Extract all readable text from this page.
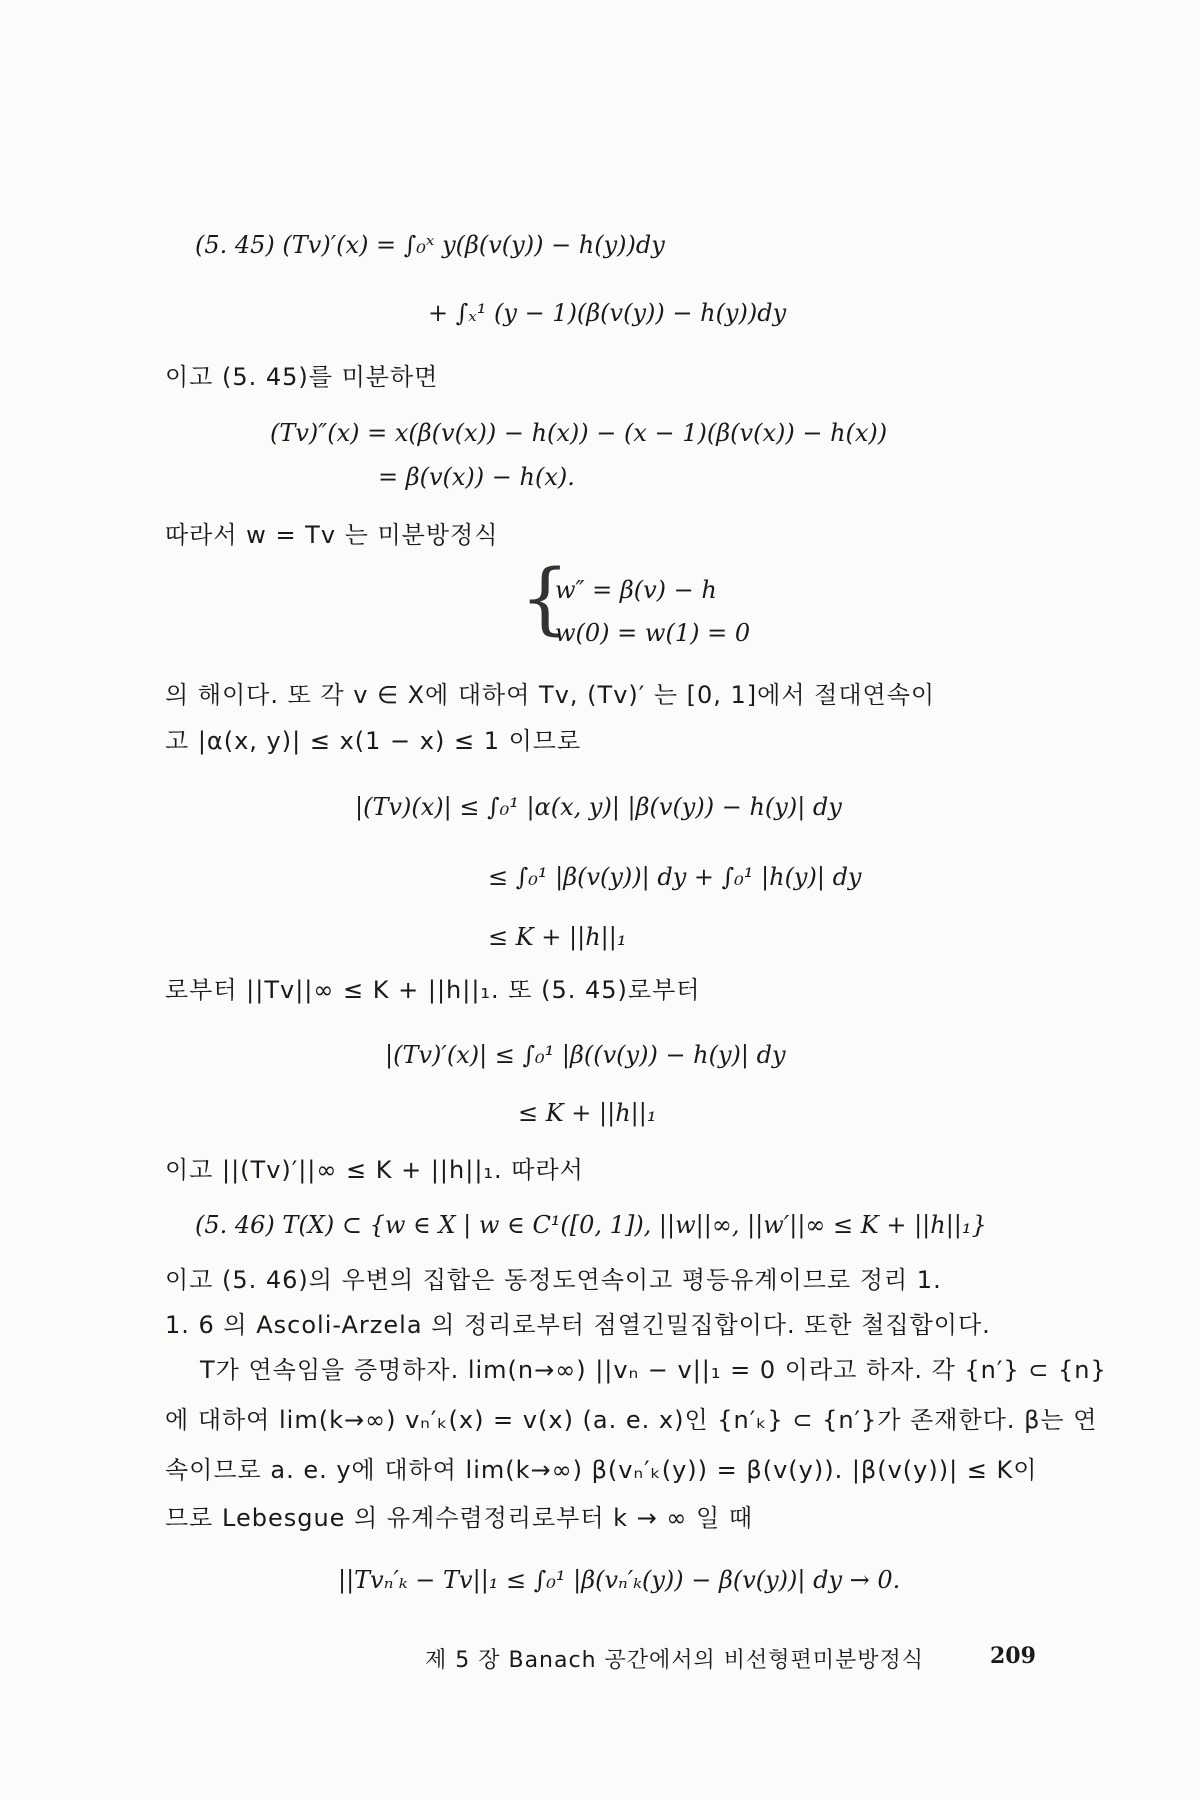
(5. 45) (Tv)′(x) = ∫₀ˣ y(β(v(y)) − h(y))dy
+ ∫ₓ¹ (y − 1)(β(v(y)) − h(y))dy
이고 (5. 45)를 미분하면
(Tv)″(x) = x(β(v(x)) − h(x)) − (x − 1)(β(v(x)) − h(x))
= β(v(x)) − h(x).
따라서 w = Tv 는 미분방정식
{
w″ = β(v) − h
w(0) = w(1) = 0
의 해이다. 또 각 v ∈ X에 대하여 Tv, (Tv)′ 는 [0, 1]에서 절대연속이
고 |α(x, y)| ≤ x(1 − x) ≤ 1 이므로
|(Tv)(x)| ≤ ∫₀¹ |α(x, y)| |β(v(y)) − h(y)| dy
≤ ∫₀¹ |β(v(y))| dy + ∫₀¹ |h(y)| dy
≤ K + ||h||₁
로부터 ||Tv||∞ ≤ K + ||h||₁. 또 (5. 45)로부터
|(Tv)′(x)| ≤ ∫₀¹ |β((v(y)) − h(y)| dy
≤ K + ||h||₁
이고 ||(Tv)′||∞ ≤ K + ||h||₁. 따라서
(5. 46) T(X) ⊂ {w ∈ X | w ∈ C¹([0, 1]), ||w||∞, ||w′||∞ ≤ K + ||h||₁}
이고 (5. 46)의 우변의 집합은 동정도연속이고 평등유계이므로 정리 1.
1. 6 의 Ascoli-Arzela 의 정리로부터 점열긴밀집합이다. 또한 철집합이다.
T가 연속임을 증명하자. lim(n→∞) ||vₙ − v||₁ = 0 이라고 하자. 각 {n′} ⊂ {n}
에 대하여 lim(k→∞) vₙ′ₖ(x) = v(x) (a. e. x)인 {n′ₖ} ⊂ {n′}가 존재한다. β는 연
속이므로 a. e. y에 대하여 lim(k→∞) β(vₙ′ₖ(y)) = β(v(y)). |β(v(y))| ≤ K이
므로 Lebesgue 의 유계수렴정리로부터 k → ∞ 일 때
||Tvₙ′ₖ − Tv||₁ ≤ ∫₀¹ |β(vₙ′ₖ(y)) − β(v(y))| dy → 0.
제 5 장 Banach 공간에서의 비선형편미분방정식	209
